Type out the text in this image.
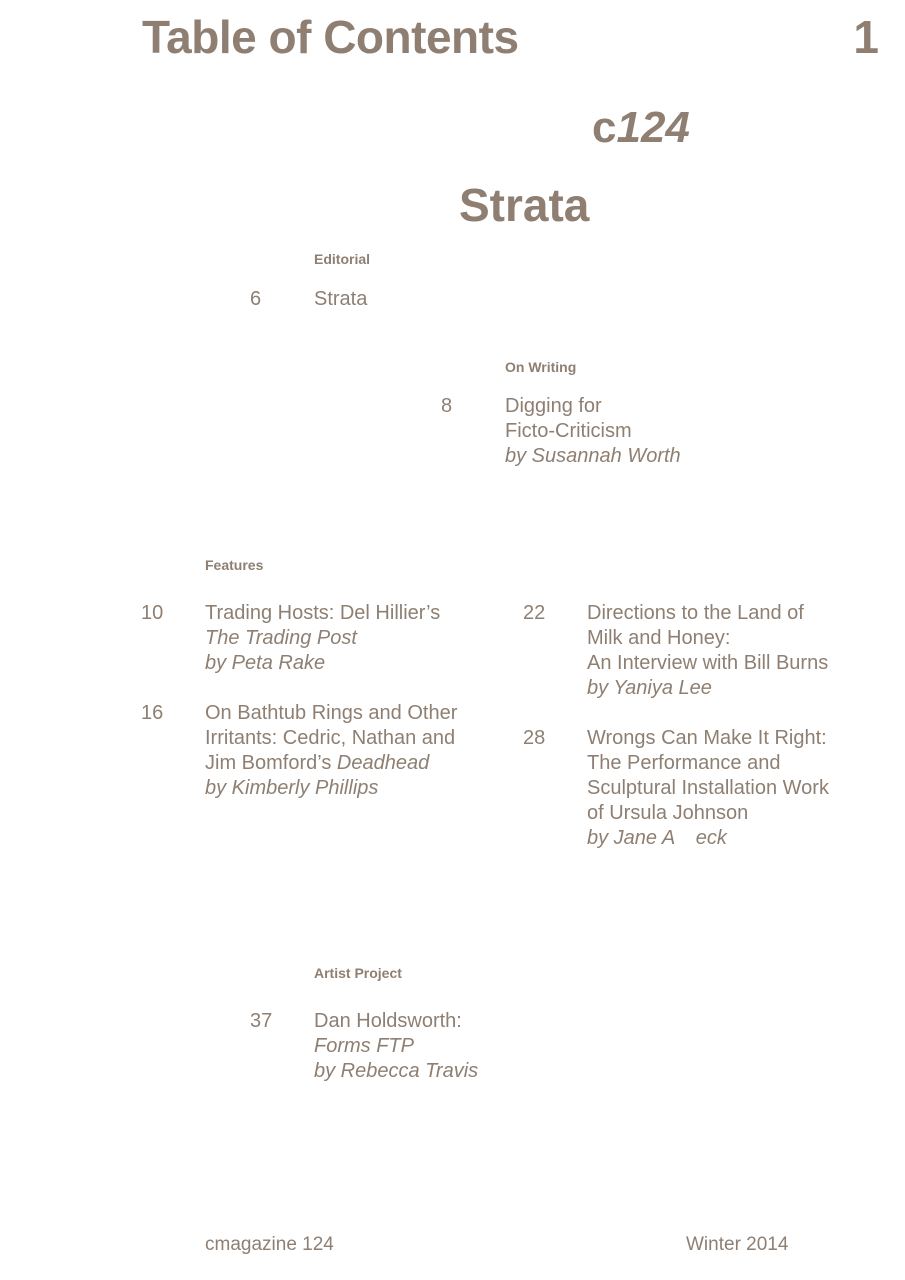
Table of Contents	1
c124
Strata
Editorial
6	Strata
On Writing
8	Digging for
Ficto-Criticism
by Susannah Worth
Features
10 Trading Hosts: Del Hillier’s
The Trading Post
by Peta Rake
16 On Bathtub Rings and Other
Irritants: Cedric, Nathan and
Jim Bomford’s Deadhead
by Kimberly Phillips
22 Directions to the Land of
Milk and Honey:
An Interview with Bill Burns
by Yaniya Lee
28 Wrongs Can Make It Right:
The Performance and
Sculptural Installation Work
of Ursula Johnson
by Jane A  eck
Artist Project
37 Dan Holdsworth:
Forms FTP
by Rebecca Travis
cmagazine 124	Winter 2014
